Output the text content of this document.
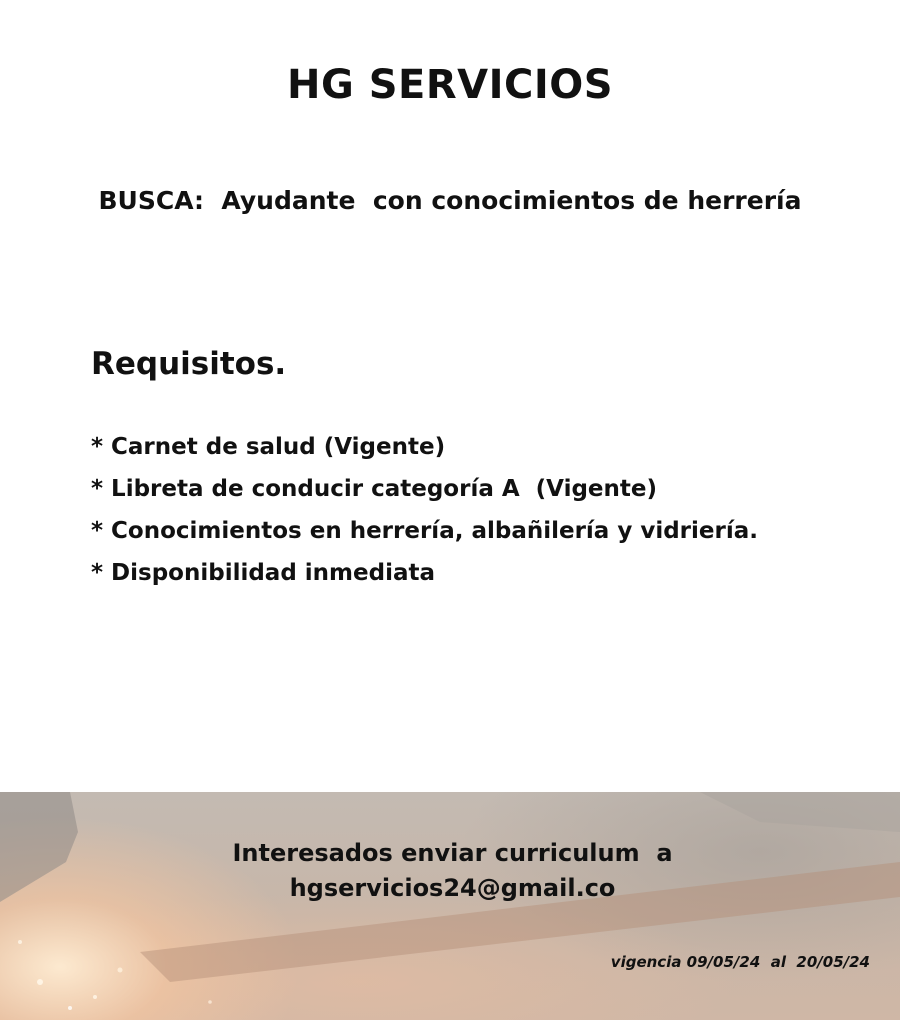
HG SERVICIOS
BUSCA:  Ayudante  con conocimientos de herrería
Requisitos.
* Carnet de salud (Vigente)
* Libreta de conducir categoría A  (Vigente)
* Conocimientos en herrería, albañilería y vidriería.
* Disponibilidad inmediata
Interesados enviar curriculum  a
hgservicios24@gmail.co
vigencia 09/05/24  al  20/05/24
